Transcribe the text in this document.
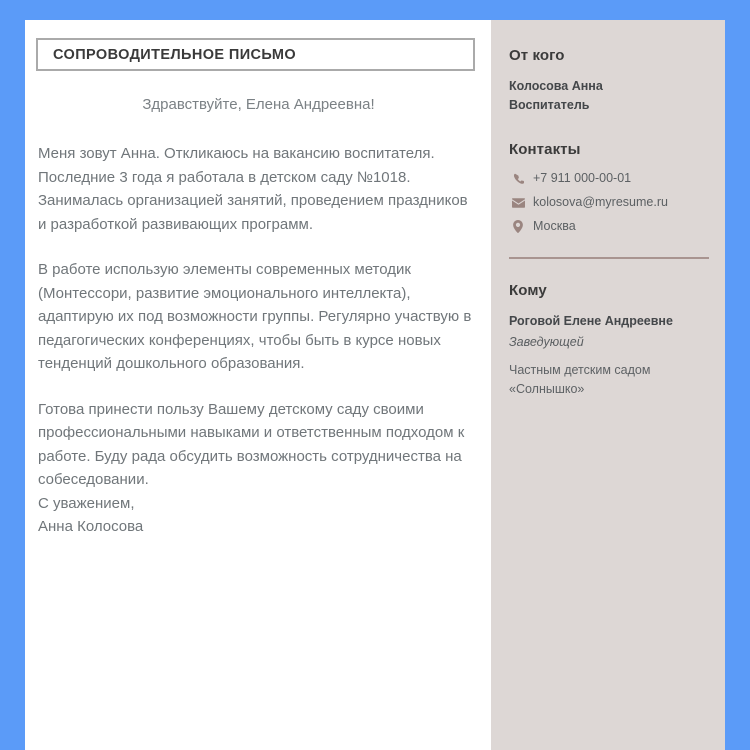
СОПРОВОДИТЕЛЬНОЕ ПИСЬМО
Здравствуйте, Елена Андреевна!

Меня зовут Анна. Откликаюсь на вакансию воспитателя. Последние 3 года я работала в детском саду №1018. Занималась организацией занятий, проведением праздников и разработкой развивающих программ.

В работе использую элементы современных методик (Монтессори, развитие эмоционального интеллекта), адаптирую их под возможности группы. Регулярно участвую в педагогических конференциях, чтобы быть в курсе новых тенденций дошкольного образования.

Готова принести пользу Вашему детскому саду своими профессиональными навыками и ответственным подходом к работе. Буду рада обсудить возможность сотрудничества на собеседовании.

С уважением,
Анна Колосова
От кого
Колосова Анна
Воспитатель
Контакты
+7 911 000-00-01
kolosova@myresume.ru
Москва
Кому
Роговой Елене Андреевне
Заведующей
Частным детским садом
«Солнышко»
